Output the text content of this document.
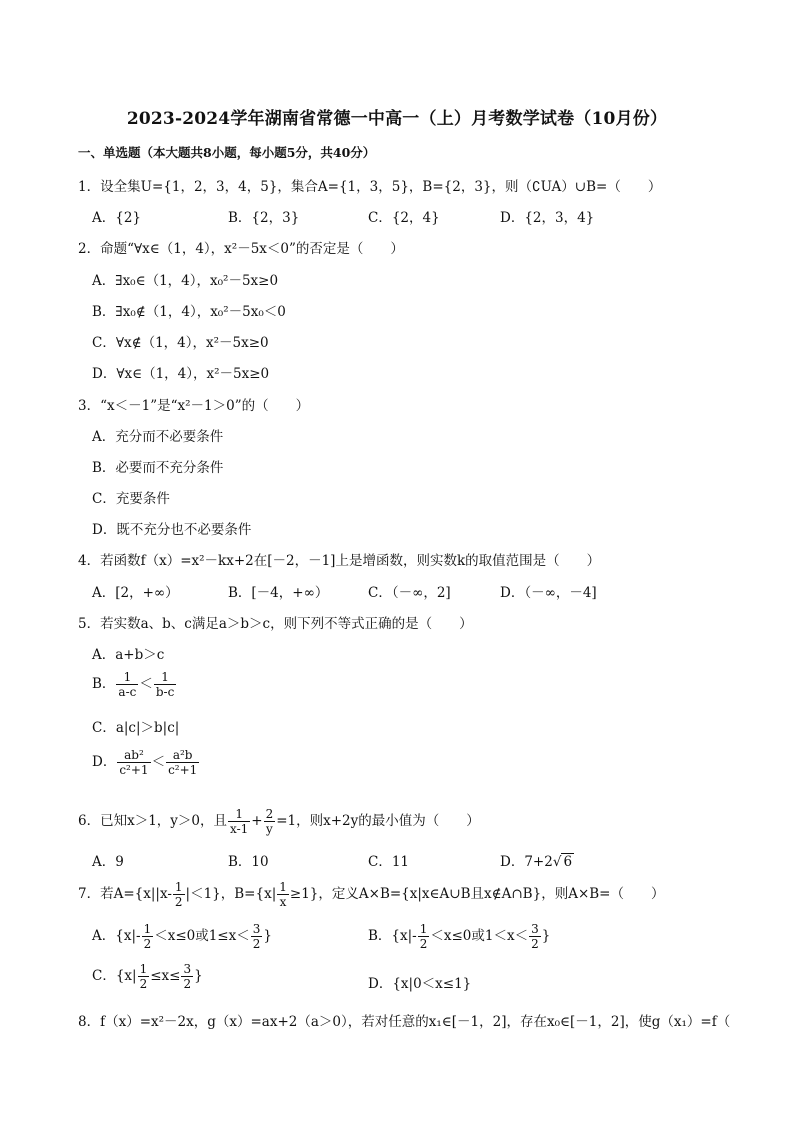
2023-2024学年湖南省常德一中高一（上）月考数学试卷（10月份）
一、单选题（本大题共8小题，每小题5分，共40分）
1．设全集U={1，2，3，4，5}，集合A={1，3，5}，B={2，3}，则（∁UA）∪B=（　　）
A．{2}	B．{2，3}	C．{2，4}	D．{2，3，4}
2．命题“∀x∈（1，4），x²－5x＜0”的否定是（　　）
A．∃x₀∈（1，4），x₀²－5x≥0
B．∃x₀∉（1，4），x₀²－5x₀＜0
C．∀x∉（1，4），x²－5x≥0
D．∀x∈（1，4），x²－5x≥0
3．“x＜－1”是“x²－1＞0”的（　　）
A．充分而不必要条件
B．必要而不充分条件
C．充要条件
D．既不充分也不必要条件
4．若函数f（x）=x²－kx+2在[－2，－1]上是增函数，则实数k的取值范围是（　　）
A．[2，+∞）	B．[－4，+∞）	C．（－∞，2]	D．（－∞，－4]
5．若实数a、b、c满足a＞b＞c，则下列不等式正确的是（　　）
A．a+b＞c
B． $\frac{1}{a-c} < \frac{1}{b-c}$
C．a|c|＞b|c|
D． $\frac{\text{ab²}}{\text{c²+1}} < \frac{\text{a²b}}{\text{c²+1}}$
6．已知x＞1，y＞0，且 $\frac{1}{x-1} + \frac{2}{y} =1$，则x+2y的最小值为（　　）
A．9	B．10	C．11	D．7+2√ 6
7．若$A=\{x||x- \frac{1}{2} |<1\}$，$B=\{x| \frac{1}{x} \ge 1\}$，定义A×B={x|x∈A∪B且x∉A∩B}，则A×B=（　　）
A．{$x|- \frac{1}{2} <x\le 0$或$1\le x< \frac{3}{2}$ }	B．{$x|- \frac{1}{2} <x\le 0$或$1<x< \frac{3}{2}$ }
C．{$x| \frac{1}{2} \le x\le \frac{3}{2}$ }	D．{x|0＜x≤1}
8．f（x）=x²－2x，g（x）=ax+2（a＞0），若对任意的x₁∈[－1，2]，存在x₀∈[－1，2]，使g（x₁）=f（
